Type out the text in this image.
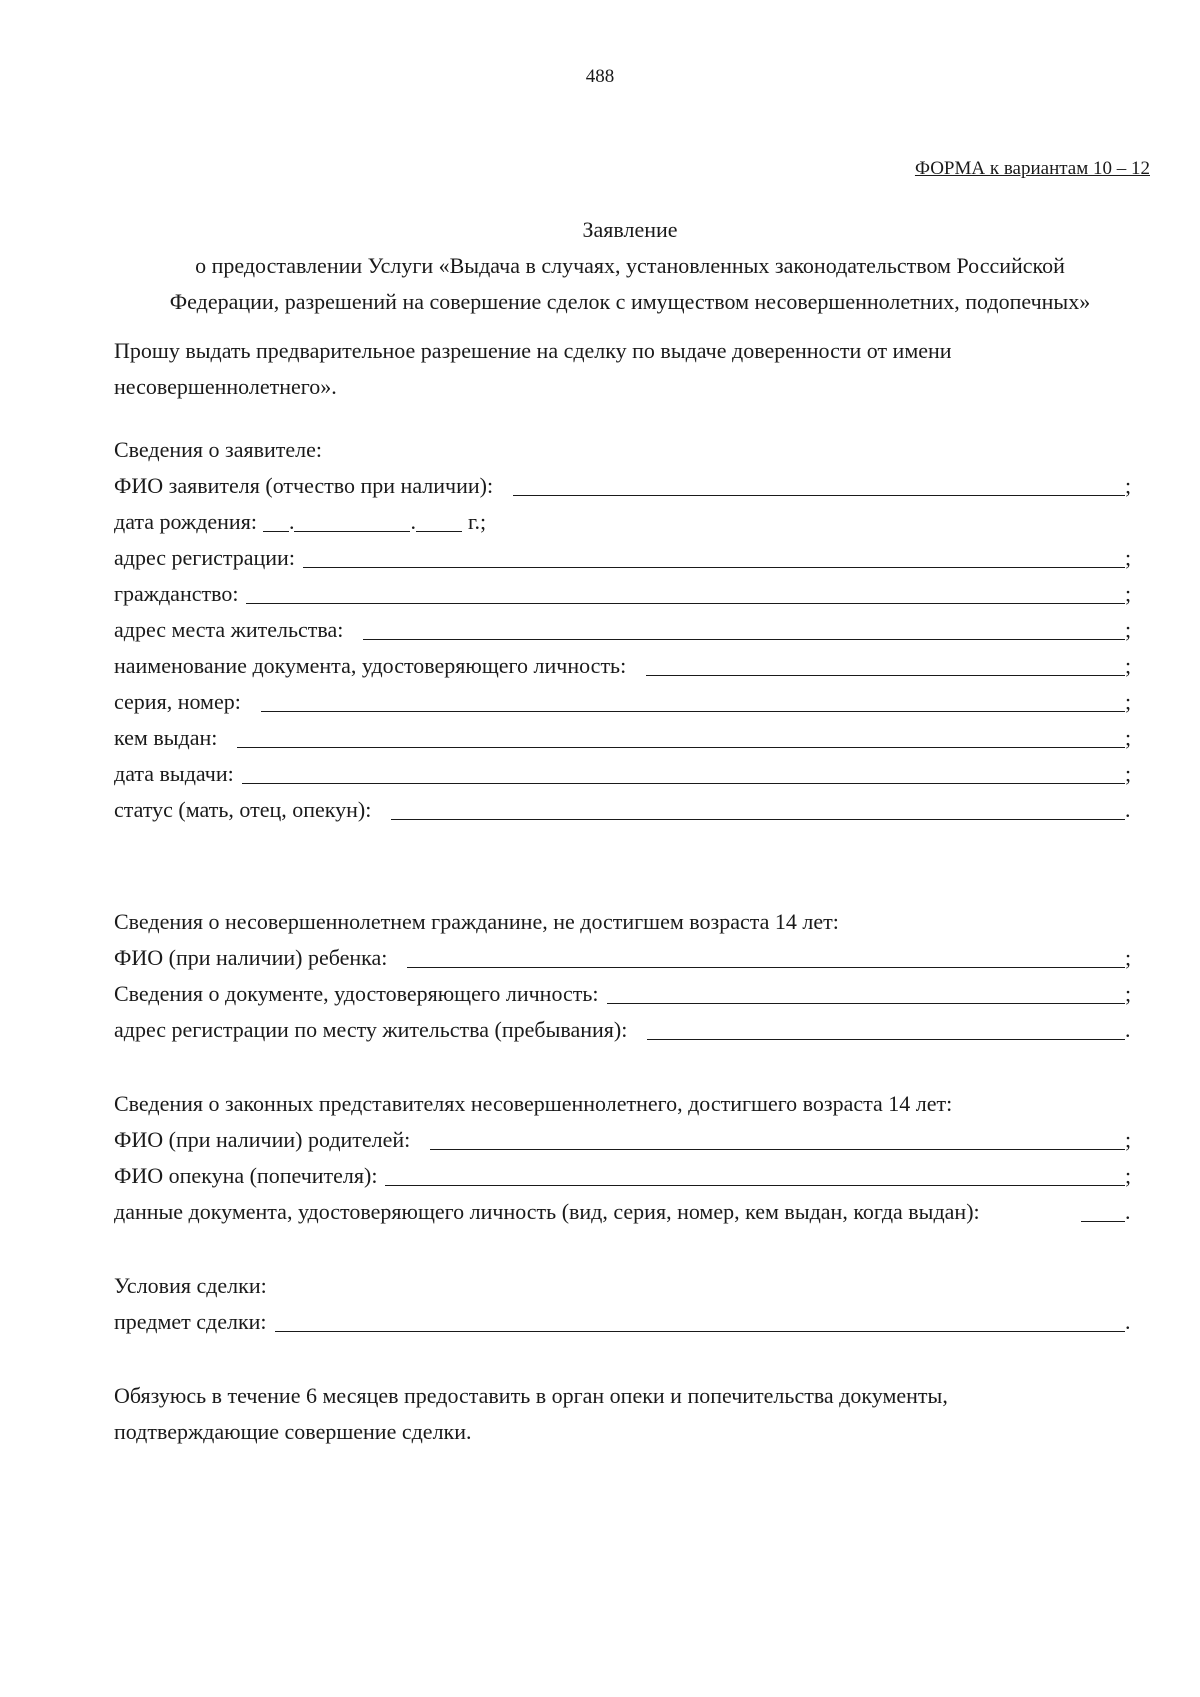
488
ФОРМА к вариантам 10 – 12
Заявление
о предоставлении Услуги «Выдача в случаях, установленных законодательством Российской
Федерации, разрешений на совершение сделок с имуществом несовершеннолетних, подопечных»
Прошу выдать предварительное разрешение на сделку по выдаче доверенности от имени
несовершеннолетнего».
Сведения о заявителе:
ФИО заявителя (отчество при наличии):	;
дата рождения: .	. г.;
адрес регистрации:	;
гражданство:	;
адрес места жительства:	;
наименование документа, удостоверяющего личность:	;
серия, номер:	;
кем выдан:	;
дата выдачи:	;
статус (мать, отец, опекун):	.
Сведения о несовершеннолетнем гражданине, не достигшем возраста 14 лет:
ФИО (при наличии) ребенка:	;
Сведения о документе, удостоверяющего личность:	;
адрес регистрации по месту жительства (пребывания):	.
Сведения о законных представителях несовершеннолетнего, достигшего возраста 14 лет:
ФИО (при наличии) родителей:	;
ФИО опекуна (попечителя):	;
данные документа, удостоверяющего личность (вид, серия, номер, кем выдан, когда выдан):	.
Условия сделки:
предмет сделки:	.
Обязуюсь в течение 6 месяцев предоставить в орган опеки и попечительства документы,
подтверждающие совершение сделки.
